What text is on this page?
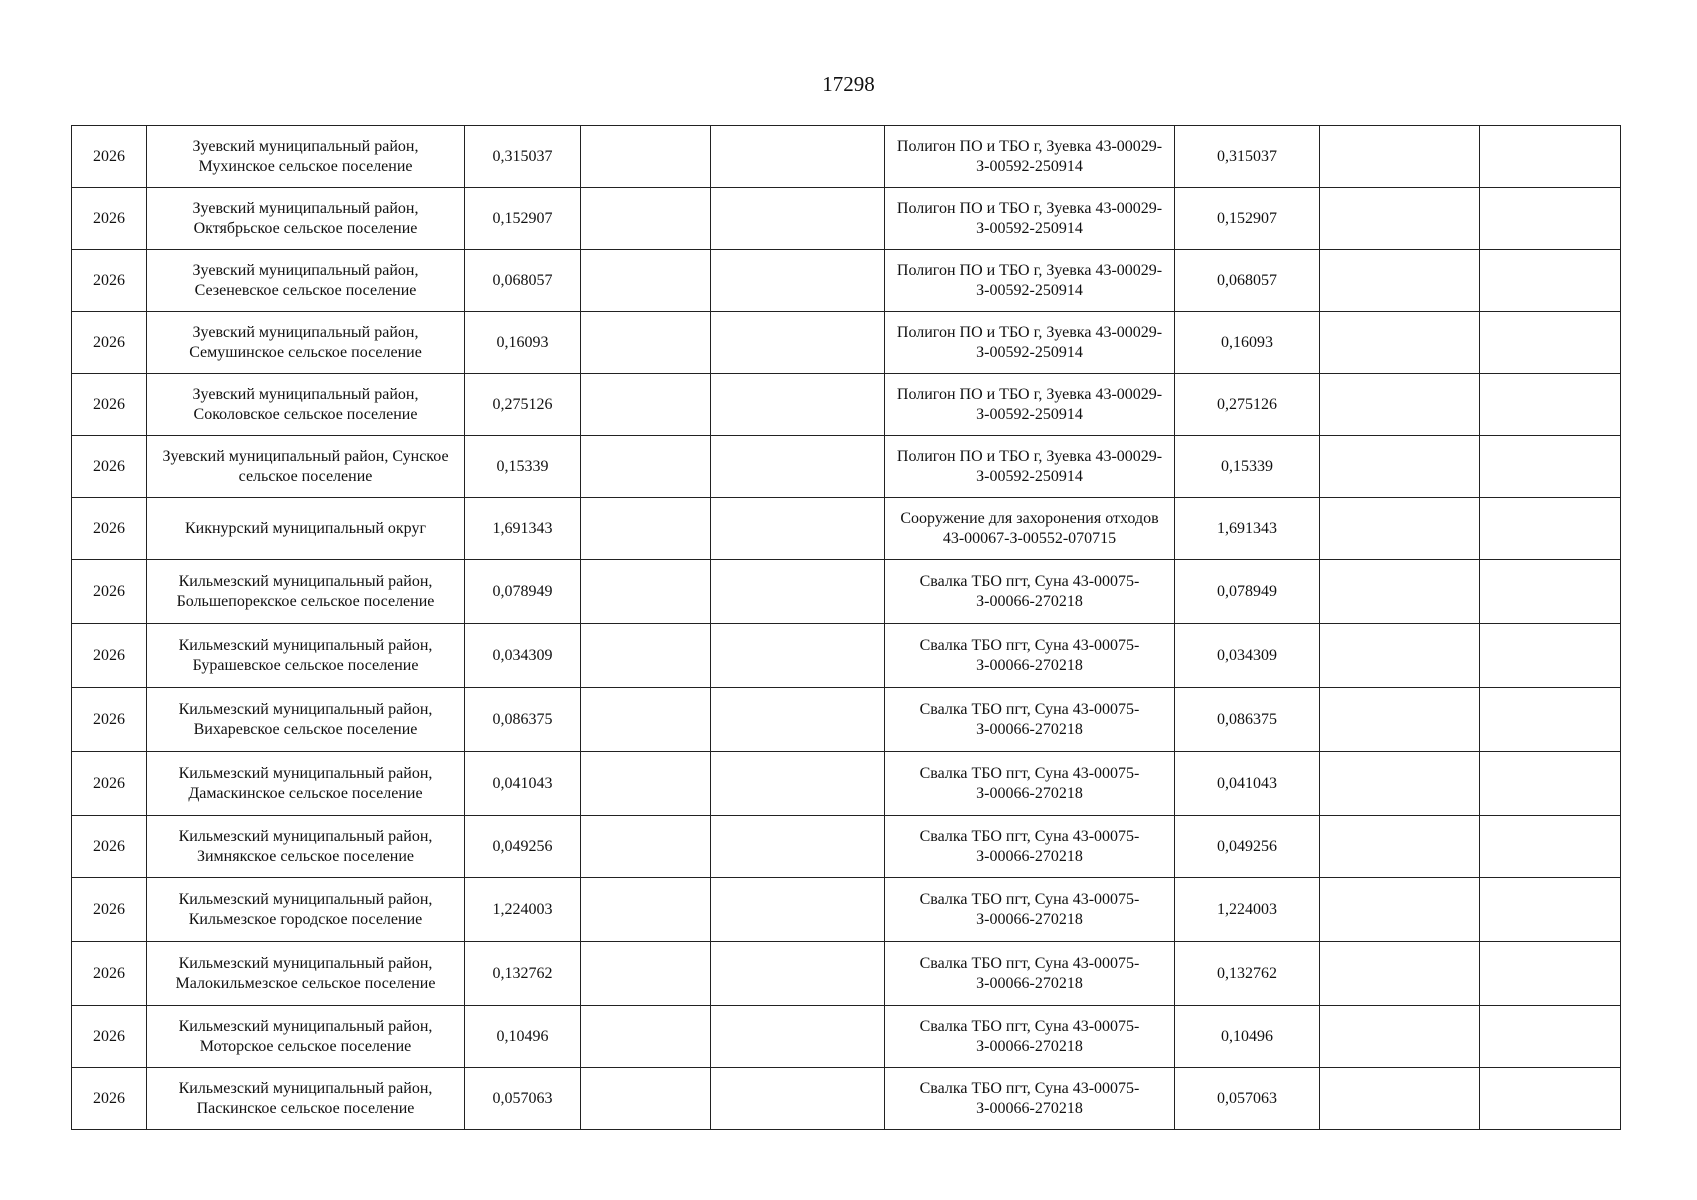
17298
2026	Зуевский муниципальный район, Мухинское сельское поселение	0,315037			Полигон ПО и ТБО г, Зуевка 43-00029-З-00592-250914	0,315037		
2026	Зуевский муниципальный район, Октябрьское сельское поселение	0,152907			Полигон ПО и ТБО г, Зуевка 43-00029-З-00592-250914	0,152907		
2026	Зуевский муниципальный район, Сезеневское сельское поселение	0,068057			Полигон ПО и ТБО г, Зуевка 43-00029-З-00592-250914	0,068057		
2026	Зуевский муниципальный район, Семушинское сельское поселение	0,16093			Полигон ПО и ТБО г, Зуевка 43-00029-З-00592-250914	0,16093		
2026	Зуевский муниципальный район, Соколовское сельское поселение	0,275126			Полигон ПО и ТБО г, Зуевка 43-00029-З-00592-250914	0,275126		
2026	Зуевский муниципальный район, Сунское сельское поселение	0,15339			Полигон ПО и ТБО г, Зуевка 43-00029-З-00592-250914	0,15339		
2026	Кикнурский муниципальный округ	1,691343			Сооружение для захоронения отходов 43-00067-З-00552-070715	1,691343		
2026	Кильмезский муниципальный район, Большепорекское сельское поселение	0,078949			Свалка ТБО пгт, Суна 43-00075-З-00066-270218	0,078949		
2026	Кильмезский муниципальный район, Бурашевское сельское поселение	0,034309			Свалка ТБО пгт, Суна 43-00075-З-00066-270218	0,034309		
2026	Кильмезский муниципальный район, Вихаревское сельское поселение	0,086375			Свалка ТБО пгт, Суна 43-00075-З-00066-270218	0,086375		
2026	Кильмезский муниципальный район, Дамаскинское сельское поселение	0,041043			Свалка ТБО пгт, Суна 43-00075-З-00066-270218	0,041043		
2026	Кильмезский муниципальный район, Зимнякское сельское поселение	0,049256			Свалка ТБО пгт, Суна 43-00075-З-00066-270218	0,049256		
2026	Кильмезский муниципальный район, Кильмезское городское поселение	1,224003			Свалка ТБО пгт, Суна 43-00075-З-00066-270218	1,224003		
2026	Кильмезский муниципальный район, Малокильмезское сельское поселение	0,132762			Свалка ТБО пгт, Суна 43-00075-З-00066-270218	0,132762		
2026	Кильмезский муниципальный район, Моторское сельское поселение	0,10496			Свалка ТБО пгт, Суна 43-00075-З-00066-270218	0,10496		
2026	Кильмезский муниципальный район, Паскинское сельское поселение	0,057063			Свалка ТБО пгт, Суна 43-00075-З-00066-270218	0,057063		
